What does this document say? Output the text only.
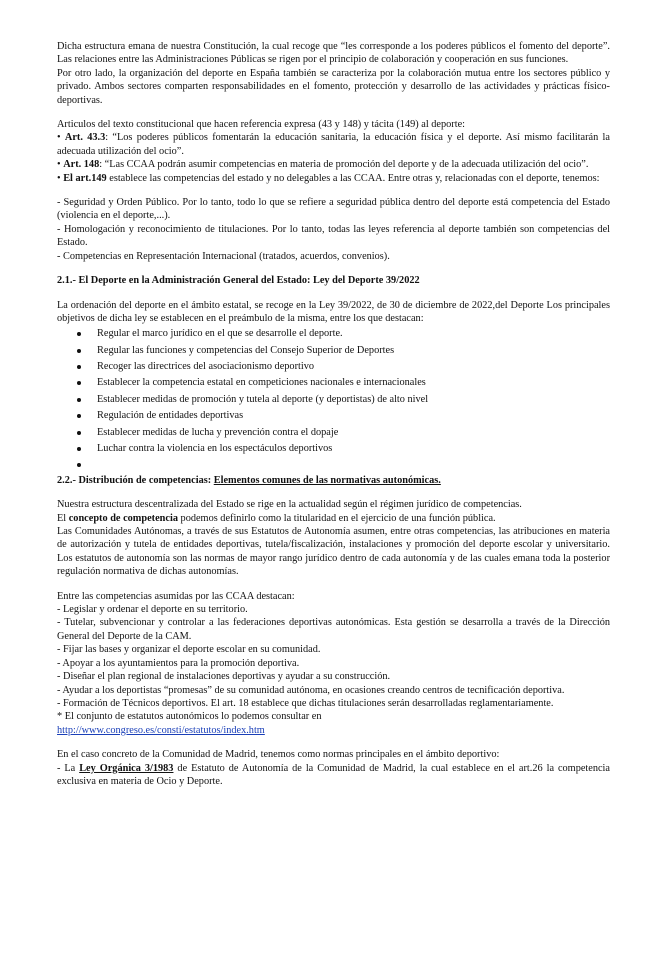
Dicha estructura emana de nuestra Constitución, la cual recoge que “les corresponde a los poderes públicos el fomento del deporte”. Las relaciones entre las Administraciones Públicas se rigen por el principio de colaboración y cooperación en sus funciones.

Por otro lado, la organización del deporte en España también se caracteriza por la colaboración mutua entre los sectores público y privado. Ambos sectores comparten responsabilidades en el fomento, protección y desarrollo de las actividades y prácticas físico-deportivas.

Articulos del texto constitucional que hacen referencia expresa (43 y 148) y tácita (149) al deporte:

• Art. 43.3: “Los poderes públicos fomentarán la educación sanitaria, la educación física y el deporte. Así mismo facilitarán la adecuada utilización del ocio”.

• Art. 148: “Las CCAA podrán asumir competencias en materia de promoción del deporte y de la adecuada utilización del ocio”.

• El art.149 establece las competencias del estado y no delegables a las CCAA. Entre otras y, relacionadas con el deporte, tenemos:

- Seguridad y Orden Público. Por lo tanto, todo lo que se refiere a seguridad pública dentro del deporte está competencia del Estado (violencia en el deporte,...).

- Homologación y reconocimiento de titulaciones. Por lo tanto, todas las leyes referencia al deporte también son competencias del Estado.

- Competencias en Representación Internacional (tratados, acuerdos, convenios).

2.1.- El Deporte en la Administración General del Estado: Ley del Deporte 39/2022

La ordenación del deporte en el ámbito estatal, se recoge en la Ley 39/2022, de 30 de diciembre de 2022,del Deporte Los principales objetivos de dicha ley se establecen en el preámbulo de la misma, entre los que destacan:

Regular el marco jurídico en el que se desarrolle el deporte.
Regular las funciones y competencias del Consejo Superior de Deportes
Recoger las directrices del asociacionismo deportivo
Establecer la competencia estatal en competiciones nacionales e internacionales
Establecer medidas de promoción y tutela al deporte (y deportistas) de alto nivel
Regulación de entidades deportivas
Establecer medidas de lucha y prevención contra el dopaje
Luchar contra la violencia en los espectáculos deportivos
2.2.- Distribución de competencias: Elementos comunes de las normativas autonómicas.

Nuestra estructura descentralizada del Estado se rige en la actualidad según el régimen jurídico de competencias.

El concepto de competencia podemos definirlo como la titularidad en el ejercicio de una función pública.

Las Comunidades Autónomas, a través de sus Estatutos de Autonomía asumen, entre otras competencias, las atribuciones en materia de autorización y tutela de entidades deportivas, tutela/fiscalización, instalaciones y promoción del deporte escolar y universitario. Los estatutos de autonomía son las normas de mayor rango jurídico dentro de cada autonomía y de las cuales emana toda la posterior regulación normativa de dichas autonomías.

Entre las competencias asumidas por las CCAA destacan:

- Legislar y ordenar el deporte en su territorio.

- Tutelar, subvencionar y controlar a las federaciones deportivas autonómicas. Esta gestión se desarrolla a través de la Dirección General del Deporte de la CAM.

- Fijar las bases y organizar el deporte escolar en su comunidad.

- Apoyar a los ayuntamientos para la promoción deportiva.

- Diseñar el plan regional de instalaciones deportivas y ayudar a su construcción.

- Ayudar a los deportistas “promesas” de su comunidad autónoma, en ocasiones creando centros de tecnificación deportiva.

- Formación de Técnicos deportivos. El art. 18 establece que dichas titulaciones serán desarrolladas reglamentariamente.

* El conjunto de estatutos autonómicos lo podemos consultar en

http://www.congreso.es/consti/estatutos/index.htm

En el caso concreto de la Comunidad de Madrid, tenemos como normas principales en el ámbito deportivo:

- La Ley Orgánica 3/1983 de Estatuto de Autonomía de la Comunidad de Madrid, la cual establece en el art.26 la competencia exclusiva en materia de Ocio y Deporte.
